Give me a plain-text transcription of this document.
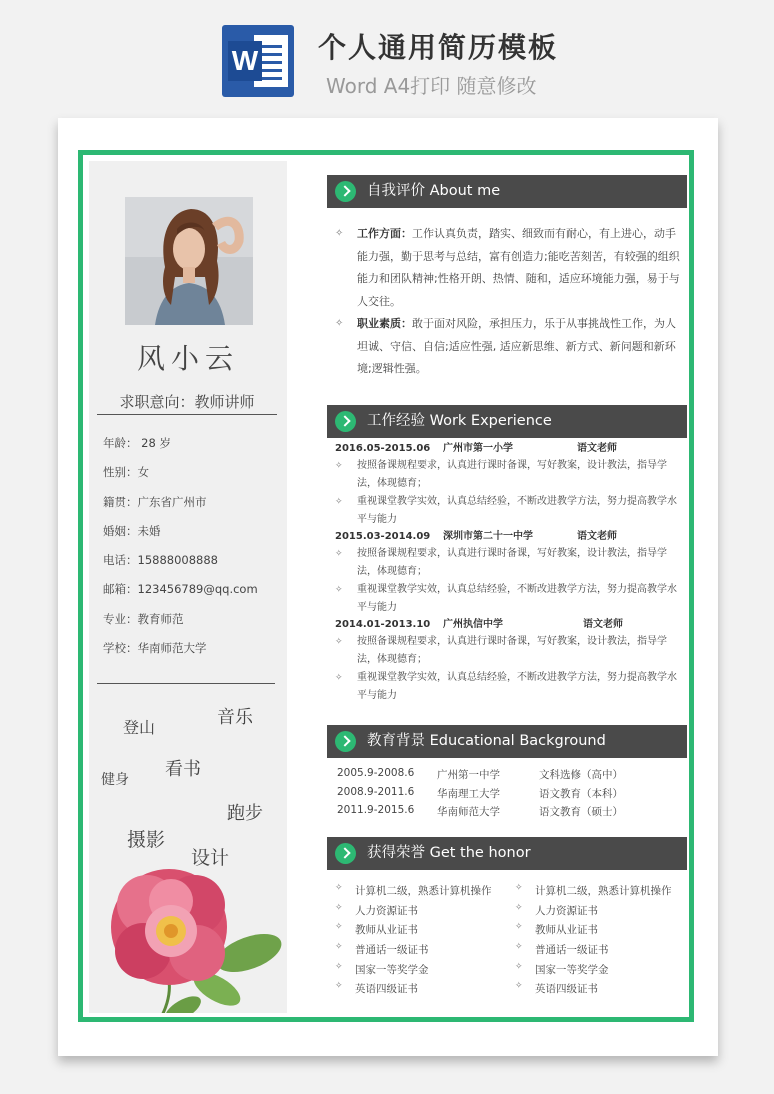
W 个人通用简历模板
Word A4打印 随意修改
风小云
求职意向：教师讲师
年龄： 28 岁
性别：女
籍贯：广东省广州市
婚姻：未婚
电话：15888008888
邮箱：123456789@qq.com
专业：教育师范
学校：华南师范大学
登山	音乐
看书
健身
跑步
摄影
设计
自我评价 About me
✧ 工作方面：工作认真负责，踏实、细致而有耐心，有上进心，动手能力强，勤于思考与总结，富有创造力;能吃苦刻苦，有较强的组织能力和团队精神;性格开朗、热情、随和，适应环境能力强，易于与人交往。
✧ 职业素质：敢于面对风险，承担压力，乐于从事挑战性工作，为人坦诚、守信、自信;适应性强, 适应新思维、新方式、新问题和新环境;逻辑性强。
工作经验 Work Experience
2016.05-2015.06 广州市第一小学	语文老师
✧ 按照备课规程要求，认真进行课时备课，写好教案，设计教法，指导学法，体现德育；
✧ 重视课堂教学实效，认真总结经验，不断改进教学方法，努力提高教学水平与能力
2015.03-2014.09 深圳市第二十一中学	语文老师
✧ 按照备课规程要求，认真进行课时备课，写好教案，设计教法，指导学法，体现德育；
✧ 重视课堂教学实效，认真总结经验，不断改进教学方法，努力提高教学水平与能力
2014.01-2013.10 广州执信中学	语文老师
✧ 按照备课规程要求，认真进行课时备课，写好教案，设计教法，指导学法，体现德育；
✧ 重视课堂教学实效，认真总结经验，不断改进教学方法，努力提高教学水平与能力
教育背景 Educational Background
2005.9-2008.6 广州第一中学	文科选修（高中）
2008.9-2011.6 华南理工大学	语文教育（本科）
2011.9-2015.6 华南师范大学	语文教育（硕士）
获得荣誉 Get the honor
✧ 计算机二级，熟悉计算机操作	✧ 计算机二级，熟悉计算机操作
✧ 人力资源证书	✧ 人力资源证书
✧ 教师从业证书	✧ 教师从业证书
✧ 普通话一级证书	✧ 普通话一级证书
✧ 国家一等奖学金	✧ 国家一等奖学金
✧ 英语四级证书	✧ 英语四级证书
